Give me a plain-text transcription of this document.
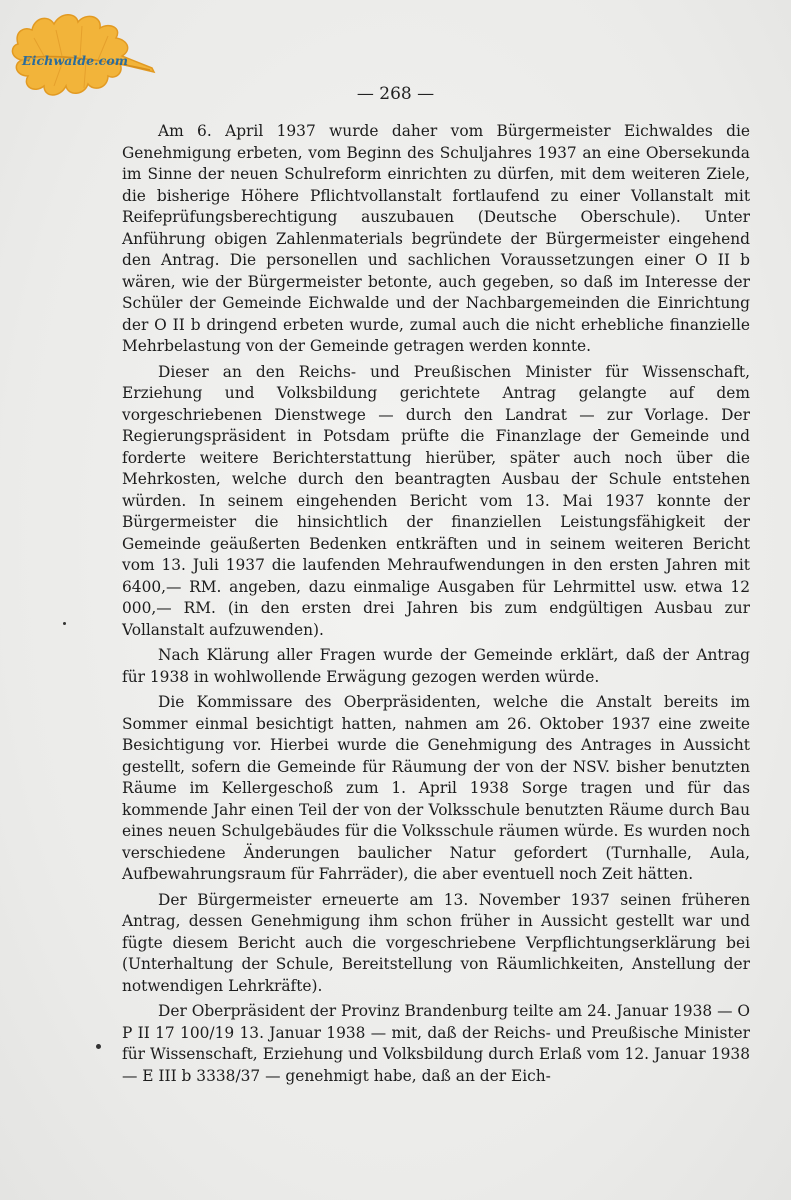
Eichwalde.com
— 268 —

Am 6. April 1937 wurde daher vom Bürgermeister Eichwaldes die Genehmigung erbeten, vom Beginn des Schuljahres 1937 an eine Obersekunda im Sinne der neuen Schulreform einrichten zu dürfen, mit dem weiteren Ziele, die bisherige Höhere Pflichtvollanstalt fortlaufend zu einer Vollanstalt mit Reifeprüfungsberechtigung auszubauen (Deutsche Oberschule). Unter Anführung obigen Zahlenmaterials begründete der Bürgermeister eingehend den Antrag. Die personellen und sachlichen Voraussetzungen einer O II b wären, wie der Bürgermeister betonte, auch gegeben, so daß im Interesse der Schüler der Gemeinde Eichwalde und der Nachbargemeinden die Einrichtung der O II b dringend erbeten wurde, zumal auch die nicht erhebliche finanzielle Mehrbelastung von der Gemeinde getragen werden konnte.

Dieser an den Reichs- und Preußischen Minister für Wissenschaft, Erziehung und Volksbildung gerichtete Antrag gelangte auf dem vorgeschriebenen Dienstwege — durch den Landrat — zur Vorlage. Der Regierungspräsident in Potsdam prüfte die Finanzlage der Gemeinde und forderte weitere Berichterstattung hierüber, später auch noch über die Mehrkosten, welche durch den beantragten Ausbau der Schule entstehen würden. In seinem eingehenden Bericht vom 13. Mai 1937 konnte der Bürgermeister die hinsichtlich der finanziellen Leistungsfähigkeit der Gemeinde geäußerten Bedenken entkräften und in seinem weiteren Bericht vom 13. Juli 1937 die laufenden Mehraufwendungen in den ersten Jahren mit 6400,— RM. angeben, dazu einmalige Ausgaben für Lehrmittel usw. etwa 12 000,— RM. (in den ersten drei Jahren bis zum endgültigen Ausbau zur Vollanstalt aufzuwenden).

Nach Klärung aller Fragen wurde der Gemeinde erklärt, daß der Antrag für 1938 in wohlwollende Erwägung gezogen werden würde.

Die Kommissare des Oberpräsidenten, welche die Anstalt bereits im Sommer einmal besichtigt hatten, nahmen am 26. Oktober 1937 eine zweite Besichtigung vor. Hierbei wurde die Genehmigung des Antrages in Aussicht gestellt, sofern die Gemeinde für Räumung der von der NSV. bisher benutzten Räume im Kellergeschoß zum 1. April 1938 Sorge tragen und für das kommende Jahr einen Teil der von der Volksschule benutzten Räume durch Bau eines neuen Schulgebäudes für die Volksschule räumen würde. Es wurden noch verschiedene Änderungen baulicher Natur gefordert (Turnhalle, Aula, Aufbewahrungsraum für Fahrräder), die aber eventuell noch Zeit hätten.

Der Bürgermeister erneuerte am 13. November 1937 seinen früheren Antrag, dessen Genehmigung ihm schon früher in Aussicht gestellt war und fügte diesem Bericht auch die vorgeschriebene Verpflichtungserklärung bei (Unterhaltung der Schule, Bereitstellung von Räumlichkeiten, Anstellung der notwendigen Lehrkräfte).

Der Oberpräsident der Provinz Brandenburg teilte am 24. Januar 1938 — O P II 17 100/19 13. Januar 1938 — mit, daß der Reichs- und Preußische Minister für Wissenschaft, Erziehung und Volksbildung durch Erlaß vom 12. Januar 1938 — E III b 3338/37 — genehmigt habe, daß an der Eich-
